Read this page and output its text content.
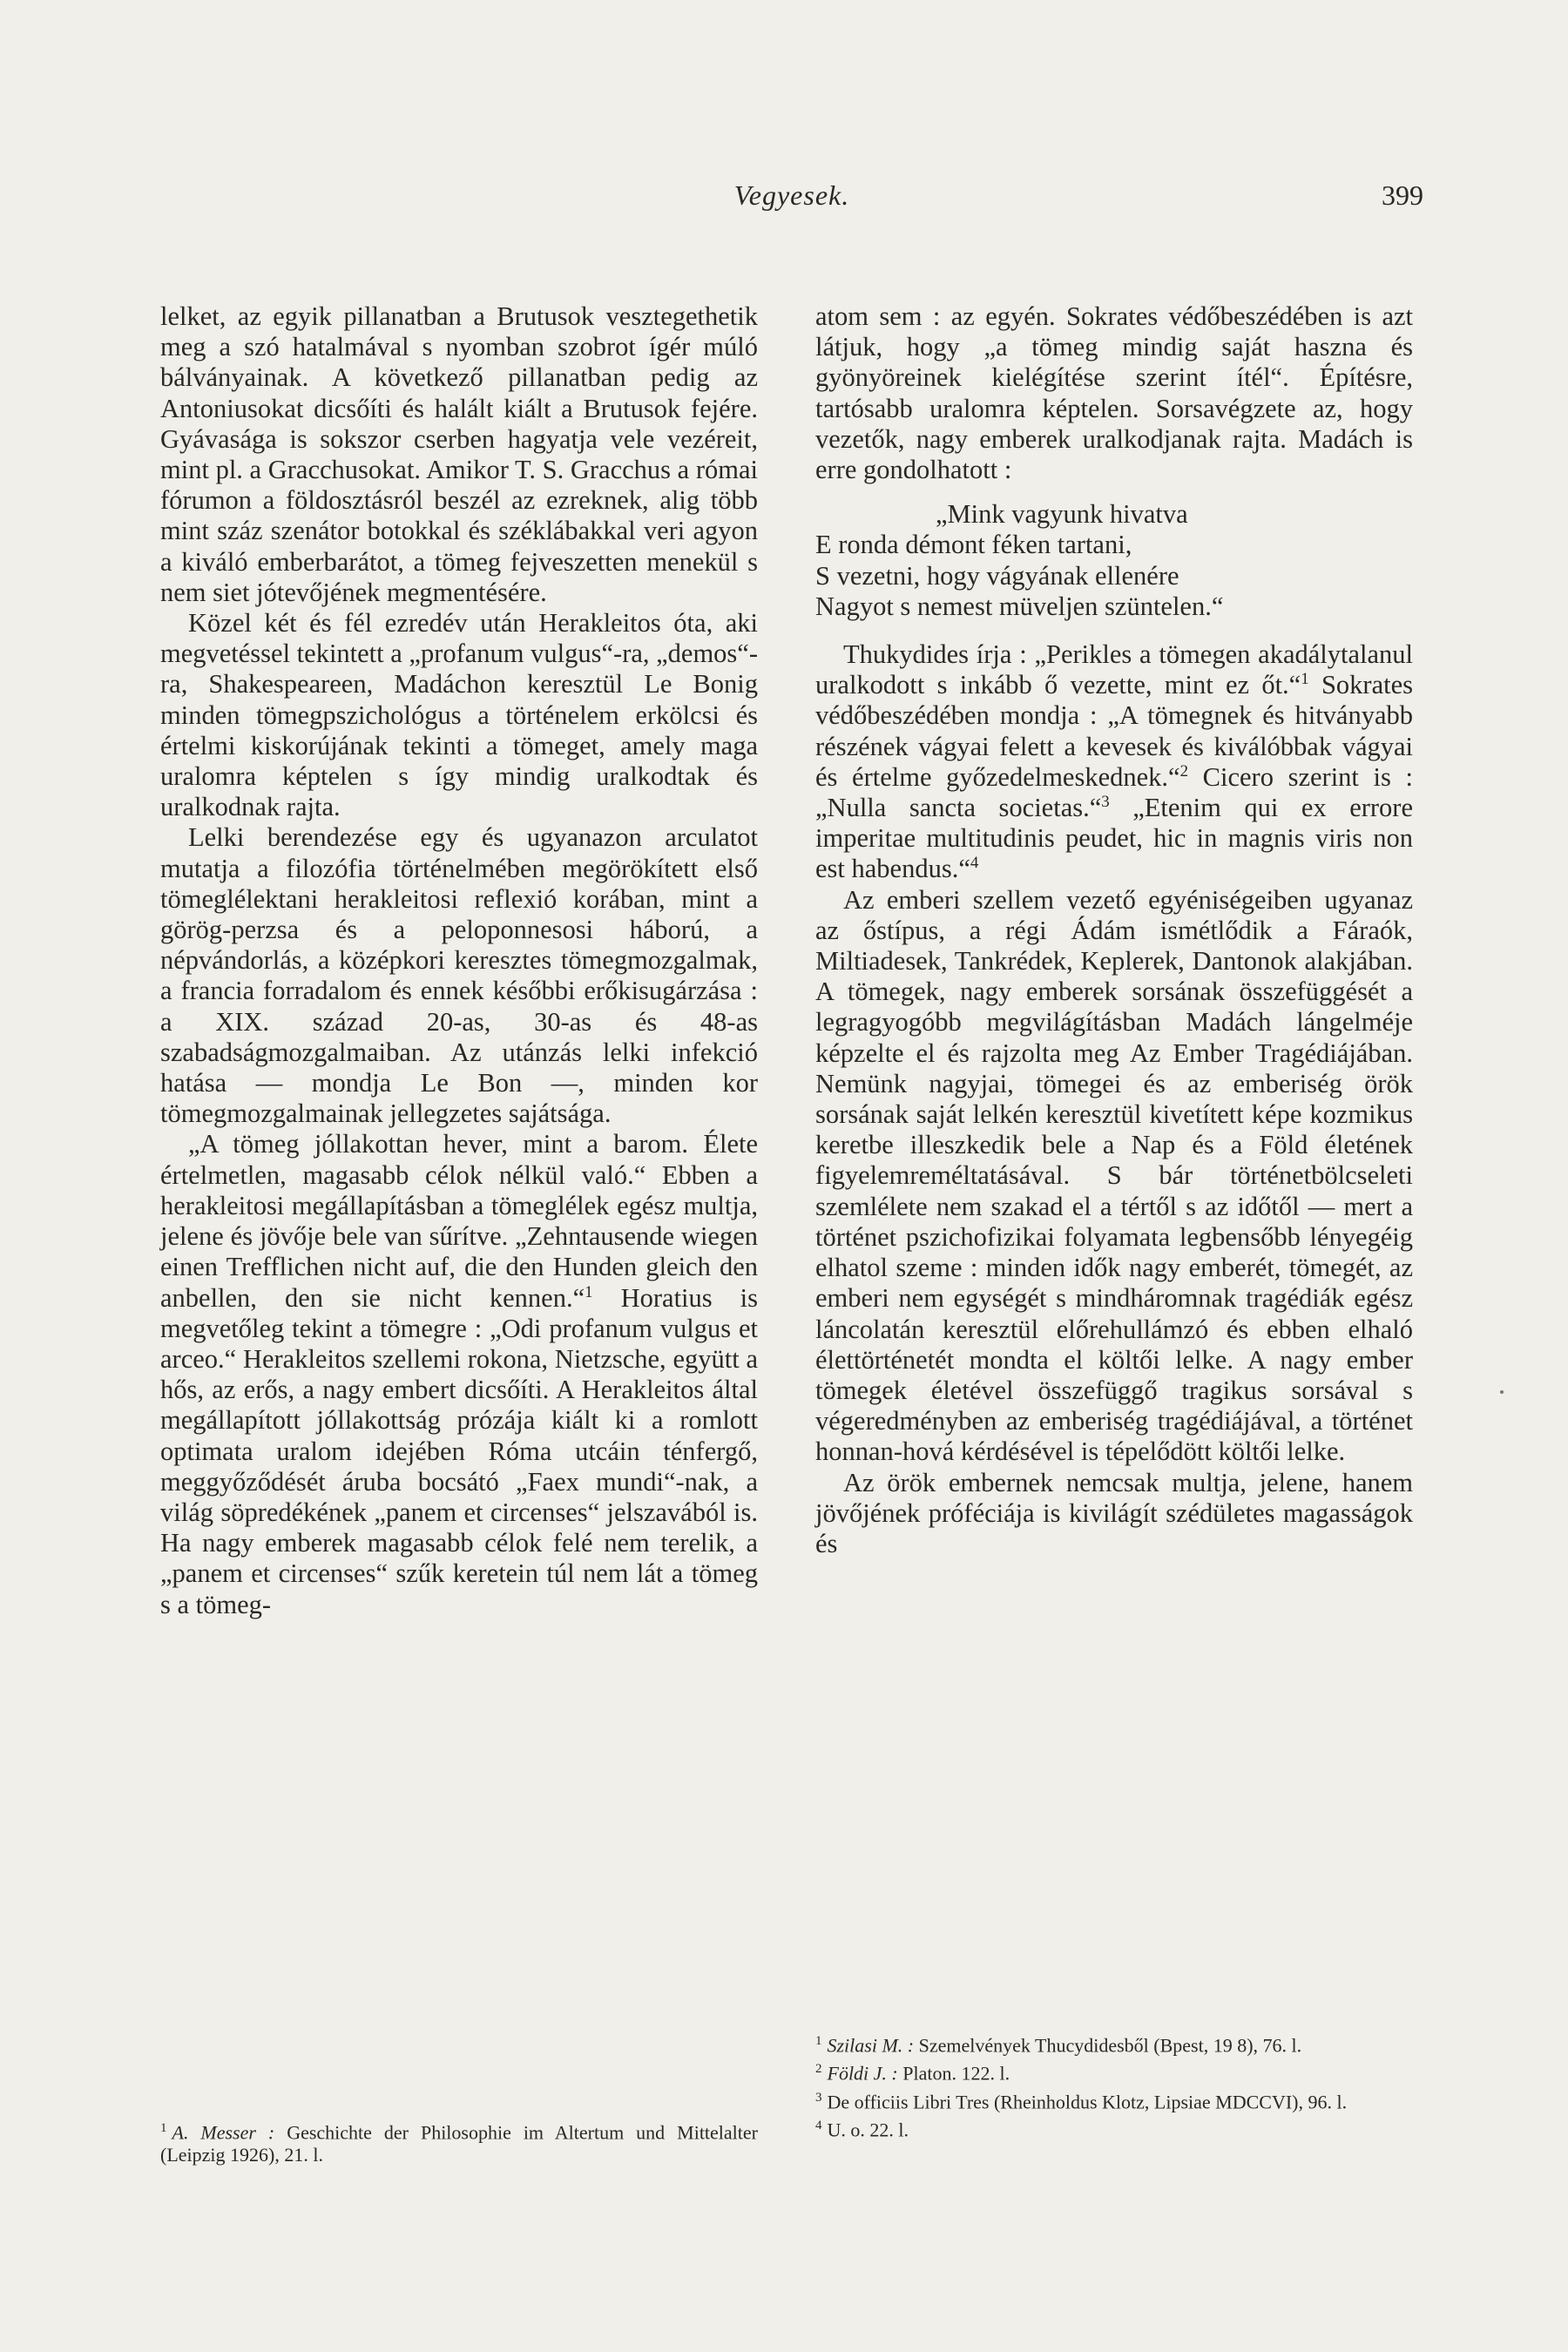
Vegyesek.	399

lelket, az egyik pillanatban a Brutusok vesztegethetik meg a szó hatalmával s nyomban szobrot ígér múló bálványainak. A következő pillanatban pedig az Antoniusokat dicsőíti és halált kiált a Brutusok fejére. Gyávasága is sokszor cserben hagyatja vele vezéreit, mint pl. a Gracchusokat. Amikor T. S. Gracchus a római fórumon a földosztásról beszél az ezreknek, alig több mint száz szenátor botokkal és széklábakkal veri agyon a kiváló emberbarátot, a tömeg fejveszetten menekül s nem siet jótevőjének megmentésére.

Közel két és fél ezredév után Herakleitos óta, aki megvetéssel tekintett a „profanum vulgus“-ra, „demos“-ra, Shakespeareen, Madáchon keresztül Le Bonig minden tömegpszichológus a történelem erkölcsi és értelmi kiskorújának tekinti a tömeget, amely maga uralomra képtelen s így mindig uralkodtak és uralkodnak rajta.

Lelki berendezése egy és ugyanazon arculatot mutatja a filozófia történelmében megörökített első tömeglélektani herakleitosi reflexió korában, mint a görög-perzsa és a peloponnesosi háború, a népvándorlás, a középkori keresztes tömegmozgalmak, a francia forradalom és ennek későbbi erőkisugárzása : a XIX. század 20-as, 30-as és 48-as szabadságmozgalmaiban. Az utánzás lelki infekció hatása — mondja Le Bon —, minden kor tömegmozgalmainak jellegzetes sajátsága.

„A tömeg jóllakottan hever, mint a barom. Élete értelmetlen, magasabb célok nélkül való.“ Ebben a herakleitosi megállapításban a tömeglélek egész multja, jelene és jövője bele van sűrítve. „Zehntausende wiegen einen Trefflichen nicht auf, die den Hunden gleich den anbellen, den sie nicht kennen.“$^1$ Horatius is megvetőleg tekint a tömegre : „Odi profanum vulgus et arceo.“ Herakleitos szellemi rokona, Nietzsche, együtt a hős, az erős, a nagy embert dicsőíti. A Herakleitos által megállapított jóllakottság prózája kiált ki a romlott optimata uralom idejében Róma utcáin ténfergő, meggyőződését áruba bocsátó „Faex mundi“-nak, a világ söpredékének „panem et circenses“ jelszavából is. Ha nagy emberek magasabb célok felé nem terelik, a „panem et circenses“ szűk keretein túl nem lát a tömeg s a tömeg-

$^1$ A. Messer : Geschichte der Philosophie im Altertum und Mittelalter (Leipzig 1926), 21. l.

atom sem : az egyén. Sokrates védőbeszédében is azt látjuk, hogy „a tömeg mindig saját haszna és gyönyöreinek kielégítése szerint ítél“. Építésre, tartósabb uralomra képtelen. Sorsavégzete az, hogy vezetők, nagy emberek uralkodjanak rajta. Madách is erre gondolhatott :

„Mink vagyunk hivatva
E ronda démont féken tartani,
S vezetni, hogy vágyának ellenére
Nagyot s nemest müveljen szüntelen.“

Thukydides írja : „Perikles a tömegen akadálytalanul uralkodott s inkább ő vezette, mint ez őt.“$^1$ Sokrates védőbeszédében mondja : „A tömegnek és hitványabb részének vágyai felett a kevesek és kiválóbbak vágyai és értelme győzedelmeskednek.“$^2$ Cicero szerint is : „Nulla sancta societas.“$^3$ „Etenim qui ex errore imperitae multitudinis peudet, hic in magnis viris non est habendus.“$^4$

Az emberi szellem vezető egyéniségeiben ugyanaz az őstípus, a régi Ádám ismétlődik a Fáraók, Miltiadesek, Tankrédek, Keplerek, Dantonok alakjában. A tömegek, nagy emberek sorsának összefüggését a legragyogóbb megvilágításban Madách lángelméje képzelte el és rajzolta meg Az Ember Tragédiájában. Nemünk nagyjai, tömegei és az emberiség örök sorsának saját lelkén keresztül kivetített képe kozmikus keretbe illeszkedik bele a Nap és a Föld életének figyelemreméltatásával. S bár történetbölcseleti szemlélete nem szakad el a tértől s az időtől — mert a történet pszichofizikai folyamata legbensőbb lényegéig elhatol szeme : minden idők nagy emberét, tömegét, az emberi nem egységét s mindháromnak tragédiák egész láncolatán keresztül előrehullámzó és ebben elhaló élettörténetét mondta el költői lelke. A nagy ember tömegek életével összefüggő tragikus sorsával s végeredményben az emberiség tragédiájával, a történet honnan-hová kérdésével is tépelődött költői lelke.

Az örök embernek nemcsak multja, jelene, hanem jövőjének próféciája is kivilágít szédületes magasságok és

$^1$ Szilasi M. : Szemelvények Thucydidesből (Bpest, 19 8), 76. l.

$^2$ Földi J. : Platon. 122. l.

$^3$ De officiis Libri Tres (Rheinholdus Klotz, Lipsiae MDCCVI), 96. l.

$^4$ U. o. 22. l.
